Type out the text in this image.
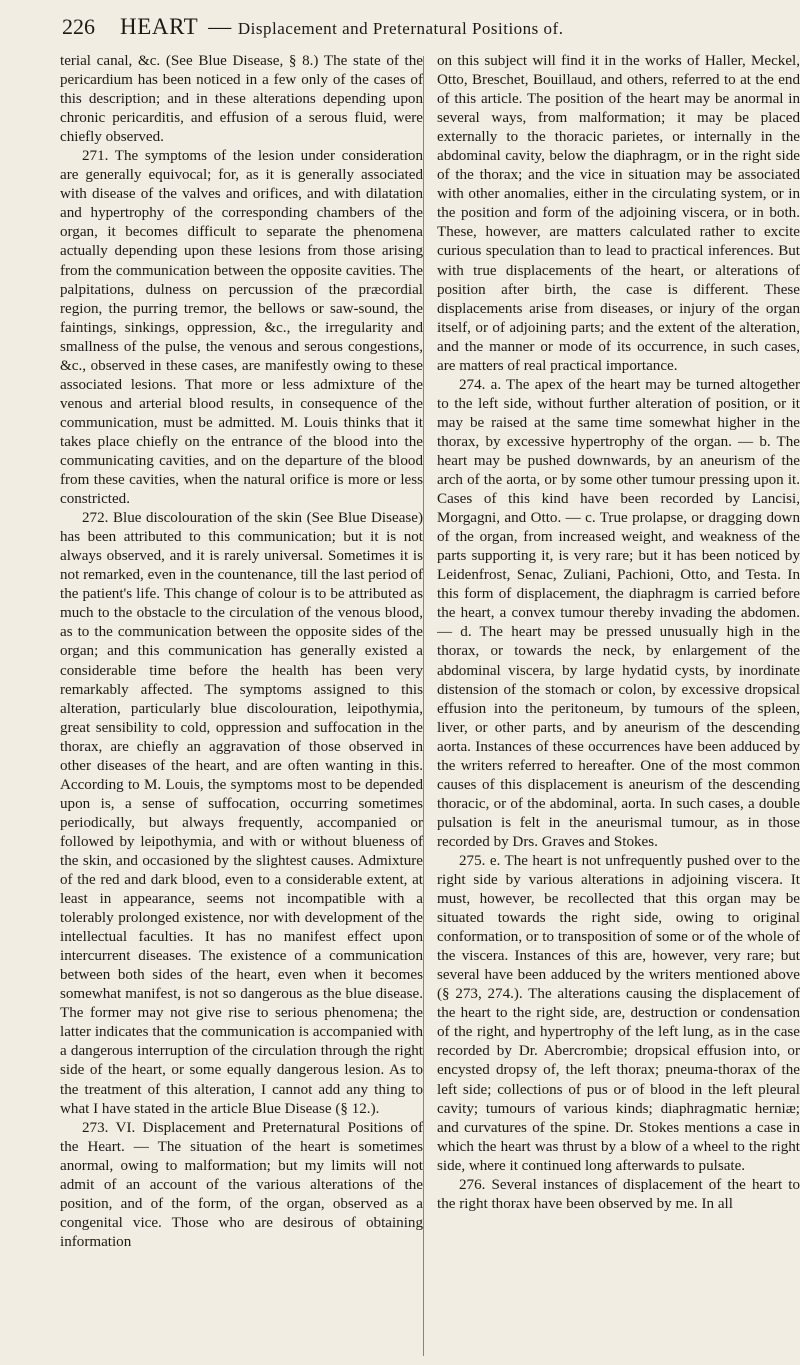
226	HEART — Displacement and Preternatural Positions of.

terial canal, &c. (See Blue Disease, § 8.) The state of the pericardium has been noticed in a few only of the cases of this description; and in these alterations depending upon chronic pericarditis, and effusion of a serous fluid, were chiefly observed.

271. The symptoms of the lesion under consideration are generally equivocal; for, as it is generally associated with disease of the valves and orifices, and with dilatation and hypertrophy of the corresponding chambers of the organ, it becomes difficult to separate the phenomena actually depending upon these lesions from those arising from the communication between the opposite cavities. The palpitations, dulness on percussion of the præcordial region, the purring tremor, the bellows or saw-sound, the faintings, sinkings, oppression, &c., the irregularity and smallness of the pulse, the venous and serous congestions, &c., observed in these cases, are manifestly owing to these associated lesions. That more or less admixture of the venous and arterial blood results, in consequence of the communication, must be admitted. M. Louis thinks that it takes place chiefly on the entrance of the blood into the communicating cavities, and on the departure of the blood from these cavities, when the natural orifice is more or less constricted.

272. Blue discolouration of the skin (See Blue Disease) has been attributed to this communication; but it is not always observed, and it is rarely universal. Sometimes it is not remarked, even in the countenance, till the last period of the patient's life. This change of colour is to be attributed as much to the obstacle to the circulation of the venous blood, as to the communication between the opposite sides of the organ; and this communication has generally existed a considerable time before the health has been very remarkably affected. The symptoms assigned to this alteration, particularly blue discolouration, leipothymia, great sensibility to cold, oppression and suffocation in the thorax, are chiefly an aggravation of those observed in other diseases of the heart, and are often wanting in this. According to M. Louis, the symptoms most to be depended upon is, a sense of suffocation, occurring sometimes periodically, but always frequently, accompanied or followed by leipothymia, and with or without blueness of the skin, and occasioned by the slightest causes. Admixture of the red and dark blood, even to a considerable extent, at least in appearance, seems not incompatible with a tolerably prolonged existence, nor with development of the intellectual faculties. It has no manifest effect upon intercurrent diseases. The existence of a communication between both sides of the heart, even when it becomes somewhat manifest, is not so dangerous as the blue disease. The former may not give rise to serious phenomena; the latter indicates that the communication is accompanied with a dangerous interruption of the circulation through the right side of the heart, or some equally dangerous lesion. As to the treatment of this alteration, I cannot add any thing to what I have stated in the article Blue Disease (§ 12.).

273. VI. Displacement and Preternatural Positions of the Heart. — The situation of the heart is sometimes anormal, owing to malformation; but my limits will not admit of an account of the various alterations of the position, and of the form, of the organ, observed as a congenital vice. Those who are desirous of obtaining information

on this subject will find it in the works of Haller, Meckel, Otto, Breschet, Bouillaud, and others, referred to at the end of this article. The position of the heart may be anormal in several ways, from malformation; it may be placed externally to the thoracic parietes, or internally in the abdominal cavity, below the diaphragm, or in the right side of the thorax; and the vice in situation may be associated with other anomalies, either in the circulating system, or in the position and form of the adjoining viscera, or in both. These, however, are matters calculated rather to excite curious speculation than to lead to practical inferences. But with true displacements of the heart, or alterations of position after birth, the case is different. These displacements arise from diseases, or injury of the organ itself, or of adjoining parts; and the extent of the alteration, and the manner or mode of its occurrence, in such cases, are matters of real practical importance.

274. a. The apex of the heart may be turned altogether to the left side, without further alteration of position, or it may be raised at the same time somewhat higher in the thorax, by excessive hypertrophy of the organ. — b. The heart may be pushed downwards, by an aneurism of the arch of the aorta, or by some other tumour pressing upon it. Cases of this kind have been recorded by Lancisi, Morgagni, and Otto. — c. True prolapse, or dragging down of the organ, from increased weight, and weakness of the parts supporting it, is very rare; but it has been noticed by Leidenfrost, Senac, Zuliani, Pachioni, Otto, and Testa. In this form of displacement, the diaphragm is carried before the heart, a convex tumour thereby invading the abdomen. — d. The heart may be pressed unusually high in the thorax, or towards the neck, by enlargement of the abdominal viscera, by large hydatid cysts, by inordinate distension of the stomach or colon, by excessive dropsical effusion into the peritoneum, by tumours of the spleen, liver, or other parts, and by aneurism of the descending aorta. Instances of these occurrences have been adduced by the writers referred to hereafter. One of the most common causes of this displacement is aneurism of the descending thoracic, or of the abdominal, aorta. In such cases, a double pulsation is felt in the aneurismal tumour, as in those recorded by Drs. Graves and Stokes.

275. e. The heart is not unfrequently pushed over to the right side by various alterations in adjoining viscera. It must, however, be recollected that this organ may be situated towards the right side, owing to original conformation, or to transposition of some or of the whole of the viscera. Instances of this are, however, very rare; but several have been adduced by the writers mentioned above (§ 273, 274.). The alterations causing the displacement of the heart to the right side, are, destruction or condensation of the right, and hypertrophy of the left lung, as in the case recorded by Dr. Abercrombie; dropsical effusion into, or encysted dropsy of, the left thorax; pneuma-thorax of the left side; collections of pus or of blood in the left pleural cavity; tumours of various kinds; diaphragmatic herniæ; and curvatures of the spine. Dr. Stokes mentions a case in which the heart was thrust by a blow of a wheel to the right side, where it continued long afterwards to pulsate.

276. Several instances of displacement of the heart to the right thorax have been observed by me. In all
